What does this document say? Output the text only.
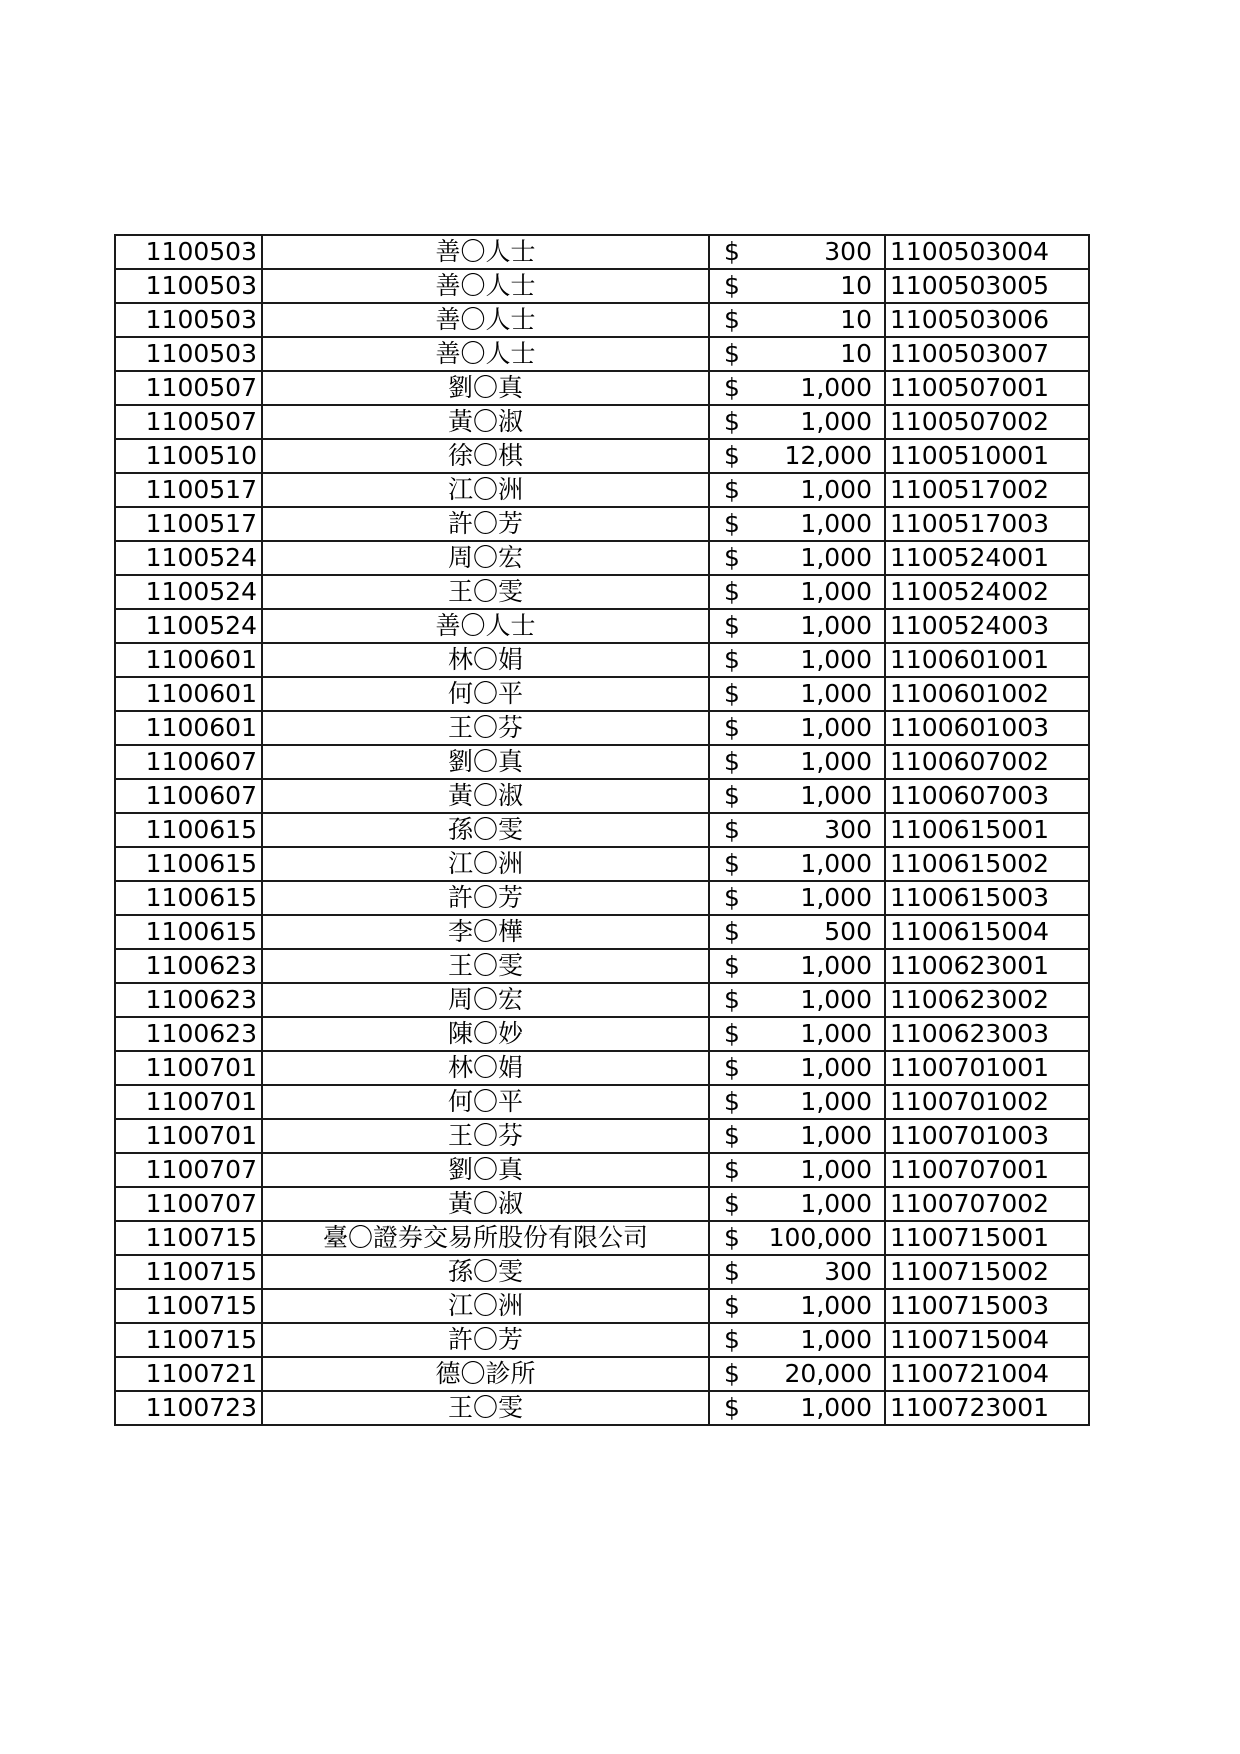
1100503	善〇人士	$ 300	1100503004
1100503	善〇人士	$ 10	1100503005
1100503	善〇人士	$ 10	1100503006
1100503	善〇人士	$ 10	1100503007
1100507	劉〇真	$ 1,000	1100507001
1100507	黃〇淑	$ 1,000	1100507002
1100510	徐〇棋	$ 12,000	1100510001
1100517	江〇洲	$ 1,000	1100517002
1100517	許〇芳	$ 1,000	1100517003
1100524	周〇宏	$ 1,000	1100524001
1100524	王〇雯	$ 1,000	1100524002
1100524	善〇人士	$ 1,000	1100524003
1100601	林〇娟	$ 1,000	1100601001
1100601	何〇平	$ 1,000	1100601002
1100601	王〇芬	$ 1,000	1100601003
1100607	劉〇真	$ 1,000	1100607002
1100607	黃〇淑	$ 1,000	1100607003
1100615	孫〇雯	$ 300	1100615001
1100615	江〇洲	$ 1,000	1100615002
1100615	許〇芳	$ 1,000	1100615003
1100615	李〇樺	$ 500	1100615004
1100623	王〇雯	$ 1,000	1100623001
1100623	周〇宏	$ 1,000	1100623002
1100623	陳〇妙	$ 1,000	1100623003
1100701	林〇娟	$ 1,000	1100701001
1100701	何〇平	$ 1,000	1100701002
1100701	王〇芬	$ 1,000	1100701003
1100707	劉〇真	$ 1,000	1100707001
1100707	黃〇淑	$ 1,000	1100707002
1100715	臺〇證券交易所股份有限公司	$ 100,000	1100715001
1100715	孫〇雯	$ 300	1100715002
1100715	江〇洲	$ 1,000	1100715003
1100715	許〇芳	$ 1,000	1100715004
1100721	德〇診所	$ 20,000	1100721004
1100723	王〇雯	$ 1,000	1100723001
